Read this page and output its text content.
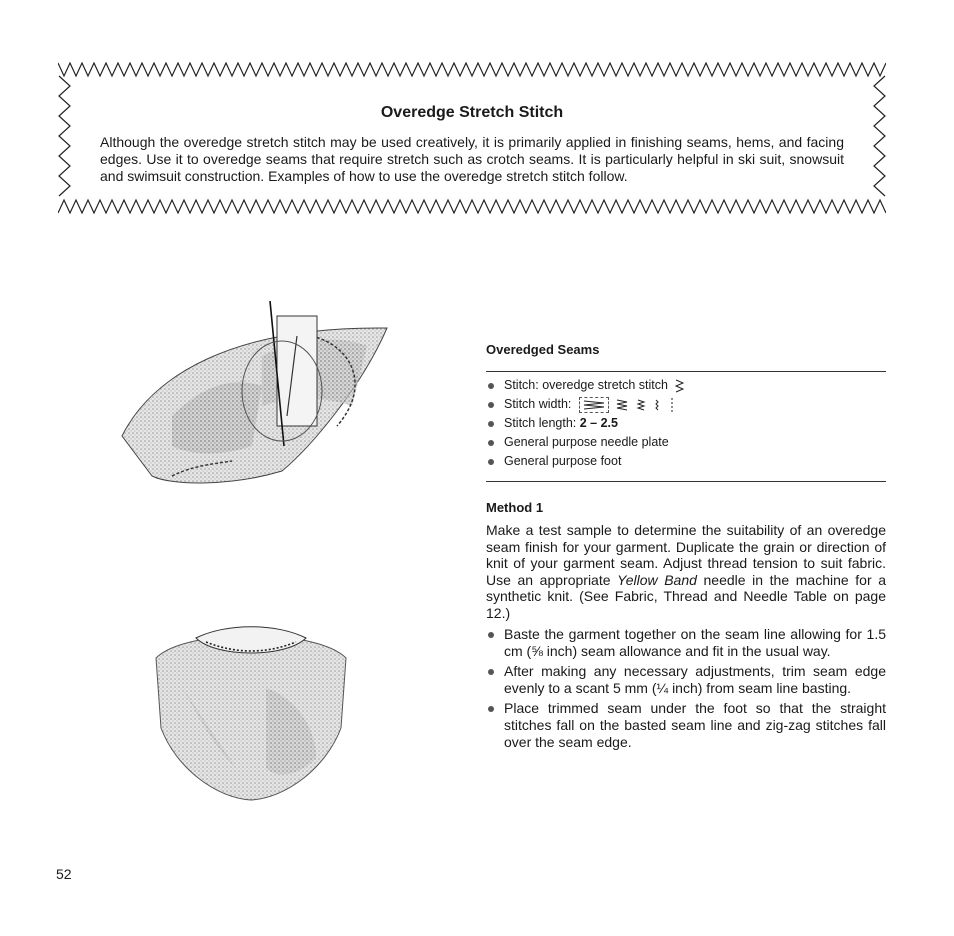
Overedge Stretch Stitch
Although the overedge stretch stitch may be used creatively, it is primarily applied in finishing seams, hems, and facing edges. Use it to overedge seams that require stretch such as crotch seams. It is particularly helpful in ski suit, snowsuit and swimsuit construction. Examples of how to use the overedge stretch stitch follow.
Overedged Seams
Stitch: overedge stretch stitch
Stitch width:
Stitch length: 2 – 2.5
General purpose needle plate
General purpose foot
Method 1
Make a test sample to determine the suitability of an overedge seam finish for your garment. Duplicate the grain or direction of knit of your garment seam. Adjust thread tension to suit fabric. Use an appropriate Yellow Band needle in the machine for a synthetic knit. (See Fabric, Thread and Needle Table on page 12.)
Baste the garment together on the seam line allowing for 1.5 cm (⅝ inch) seam allowance and fit in the usual way.
After making any necessary adjustments, trim seam edge evenly to a scant 5 mm (¼ inch) from seam line basting.
Place trimmed seam under the foot so that the straight stitches fall on the basted seam line and zig-zag stitches fall over the seam edge.
52
